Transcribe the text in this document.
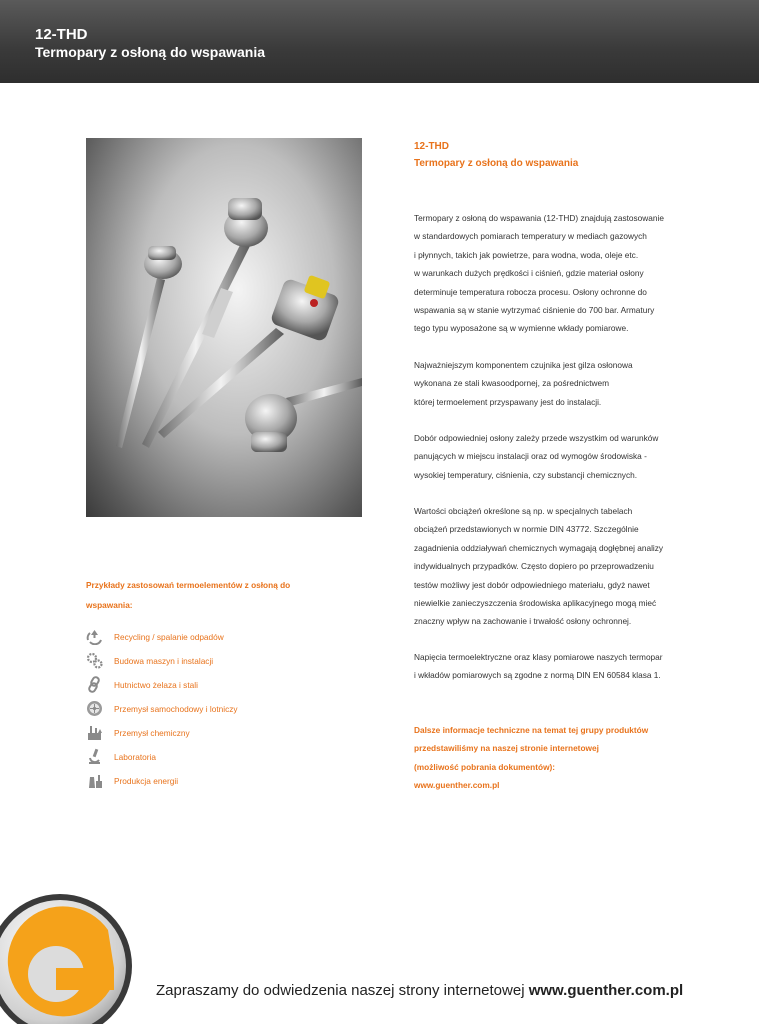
12-THD
Termopary z osłoną do wspawania
12-THD
Termopary z osłoną do wspawania
Termopary z osłoną do wspawania (12-THD) znajdują zastosowanie
w standardowych pomiarach temperatury w mediach gazowych
i płynnych, takich jak powietrze, para wodna, woda, oleje etc.
w warunkach dużych prędkości i ciśnień, gdzie materiał osłony
determinuje temperatura robocza procesu. Osłony ochronne do
wspawania są w stanie wytrzymać ciśnienie do 700 bar. Armatury
tego typu wyposażone są w wymienne wkłady pomiarowe.
Najważniejszym komponentem czujnika jest gilza osłonowa
wykonana ze stali kwasoodpornej, za pośrednictwem
której termoelement przyspawany jest do instalacji.
Dobór odpowiedniej osłony zależy przede wszystkim od warunków
panujących w miejscu instalacji oraz od wymogów środowiska -
wysokiej temperatury, ciśnienia, czy substancji chemicznych.
Wartości obciążeń określone są np. w specjalnych tabelach
obciążeń przedstawionych w normie DIN 43772. Szczególnie
zagadnienia oddziaływań chemicznych wymagają dogłębnej analizy
indywidualnych przypadków. Często dopiero po przeprowadzeniu
testów możliwy jest dobór odpowiedniego materiału, gdyż nawet
niewielkie zanieczyszczenia środowiska aplikacyjnego mogą mieć
znaczny wpływ na zachowanie i trwałość osłony ochronnej.
Napięcia termoelektryczne oraz klasy pomiarowe naszych termopar
i wkładów pomiarowych są zgodne z normą DIN EN 60584 klasa 1.
Dalsze informacje techniczne na temat tej grupy produktów
przedstawiliśmy na naszej stronie internetowej
(możliwość pobrania dokumentów):
www.guenther.com.pl
Przykłady zastosowań termoelementów z osłoną do
wspawania:
Recycling / spalanie odpadów
Budowa maszyn i instalacji
Hutnictwo żelaza i stali
Przemysł samochodowy i lotniczy
Przemysł chemiczny
Laboratoria
Produkcja energii
Zapraszamy do odwiedzenia naszej strony internetowej www.guenther.com.pl
